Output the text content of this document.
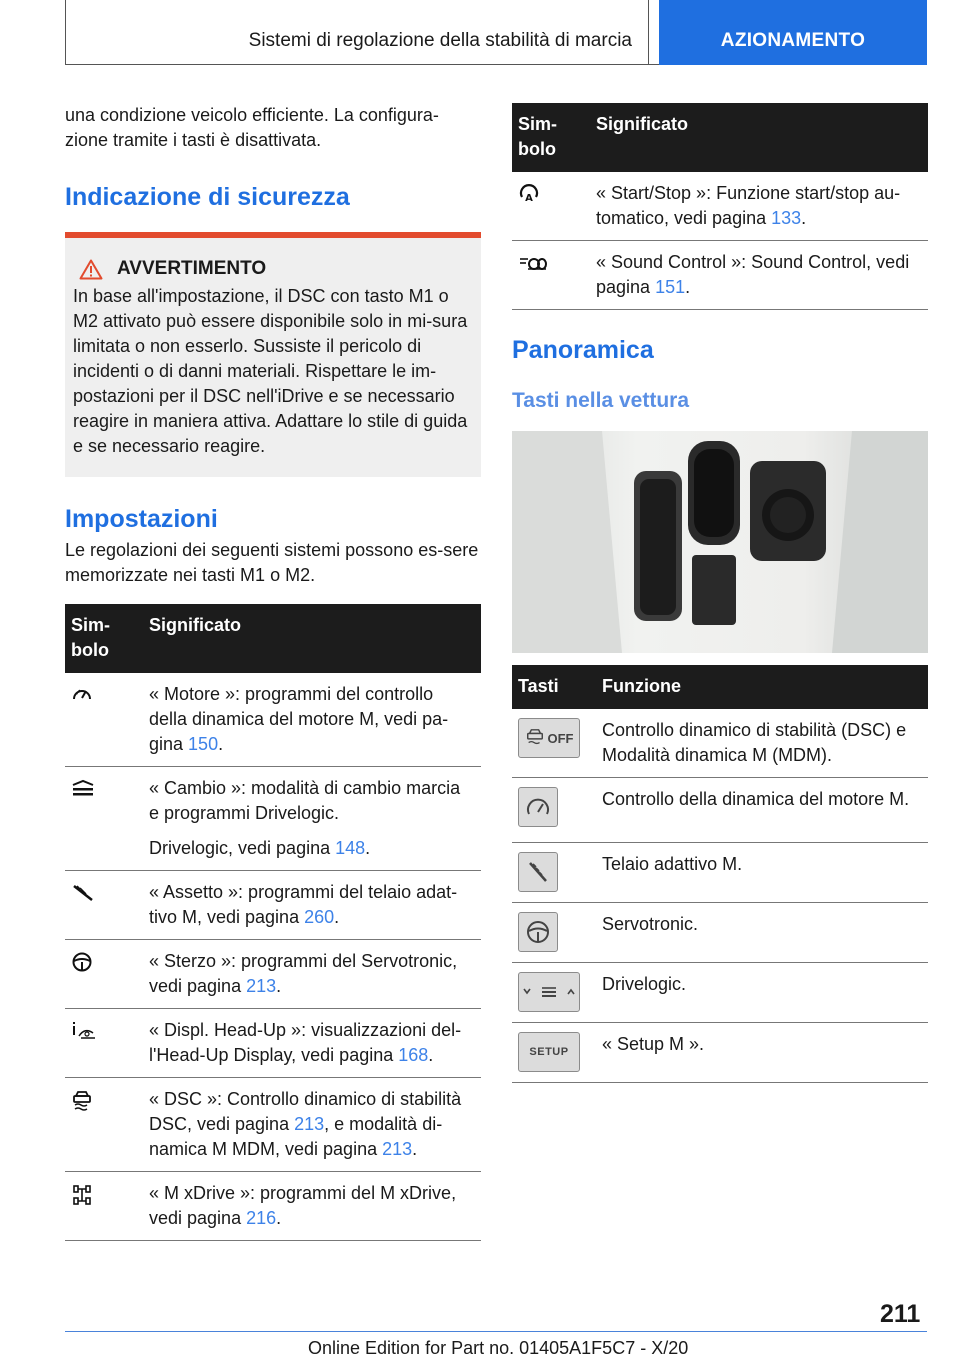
Sistemi di regolazione della stabilità di marcia	AZIONAMENTO

una condizione veicolo efficiente. La configura-zione tramite i tasti è disattivata.

Indicazione di sicurezza
AVVERTIMENTO

In base all'impostazione, il DSC con tasto M1 o M2 attivato può essere disponibile solo in mi-sura limitata o non esserlo. Sussiste il pericolo di incidenti o di danni materiali. Rispettare le im-postazioni per il DSC nell'iDrive e se necessario reagire in maniera attiva. Adattare lo stile di guida e se necessario reagire.

Impostazioni

Le regolazioni dei seguenti sistemi possono es-sere memorizzate nei tasti M1 o M2.

Sim-bolo	Significato
	« Motore »: programmi del controllo della dinamica del motore M, vedi pa-gina 150.

« Cambio »: modalità di cambio marcia e programmi Drivelogic.
Drivelogic, vedi pagina 148.

	« Assetto »: programmi del telaio adat-tivo M, vedi pagina 260.
	« Sterzo »: programmi del Servotronic, vedi pagina 213.
	« Displ. Head-Up »: visualizzazioni del-l'Head-Up Display, vedi pagina 168.
	« DSC »: Controllo dinamico di stabilità DSC, vedi pagina 213, e modalità di-namica M MDM, vedi pagina 213.
	« M xDrive »: programmi del M xDrive, vedi pagina 216.
Sim-bolo	Significato

A	« Start/Stop »: Funzione start/stop au-tomatico, vedi pagina 133.
	« Sound Control »: Sound Control, vedi pagina 151.
Panoramica
Tasti nella vettura
Tasti	Funzione

OFF	Controllo dinamico di stabilità (DSC) e Modalità dinamica M (MDM).

	Controllo della dinamica del motore M.

	Telaio adattivo M.

	Servotronic.

	Drivelogic.

SETUP	« Setup M ».
211
Online Edition for Part no. 01405A1F5C7 - X/20
